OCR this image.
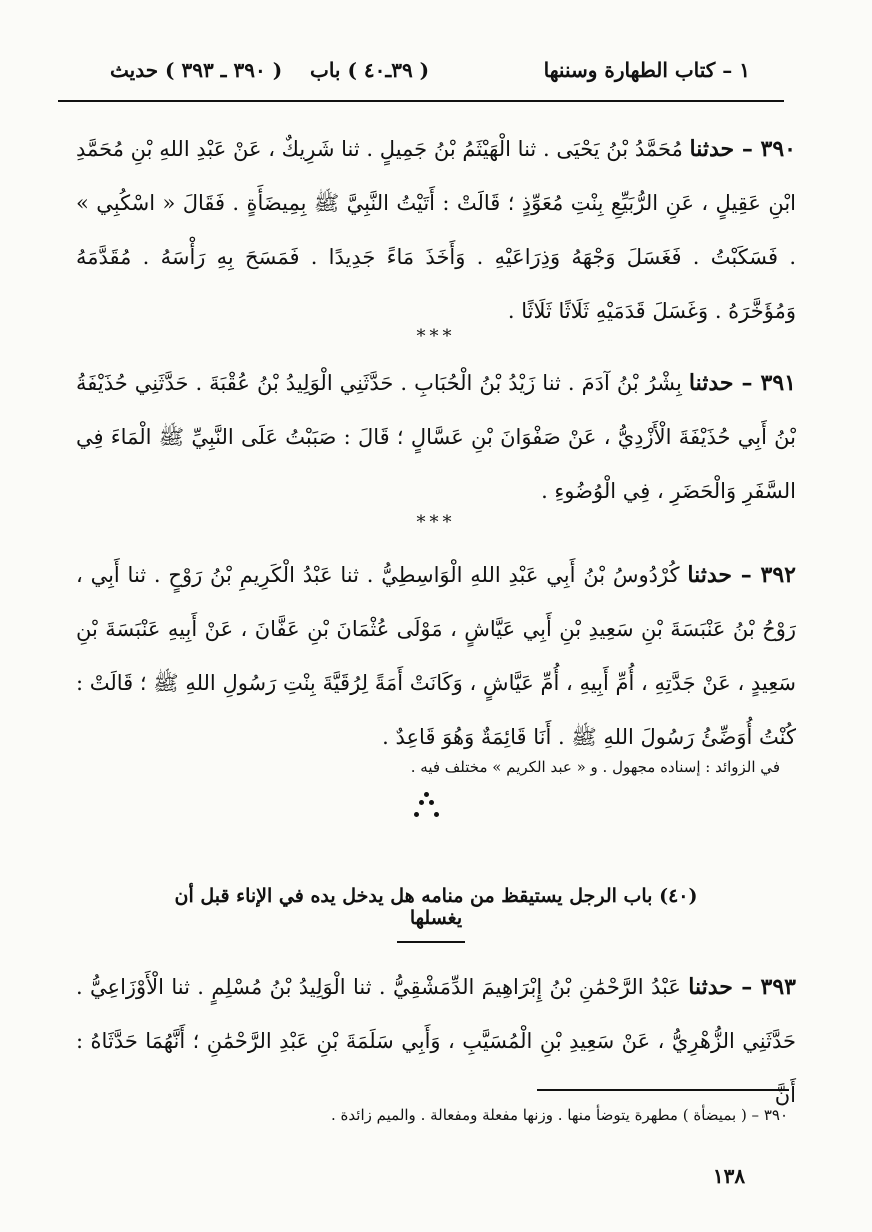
١ – كتاب الطهارة وسننها
( ٣٩ـ٤٠ ) باب
( ٣٩٠ ـ ٣٩٣ ) حديث
٣٩٠ – حدثنا مُحَمَّدُ بْنُ يَحْيَى . ثنا الْهَيْثَمُ بْنُ جَمِيلٍ . ثنا شَرِيكٌ ، عَنْ عَبْدِ اللهِ بْنِ مُحَمَّدِ ابْنِ عَقِيلٍ ، عَنِ الرُّبَيِّعِ بِنْتِ مُعَوِّذٍ ؛ قَالَتْ : أَتَيْتُ النَّبِيَّ ﷺ بِمِيضَأَةٍ . فَقَالَ « اسْكُبِي » . فَسَكَبْتُ . فَغَسَلَ وَجْهَهُ وَذِرَاعَيْهِ . وَأَخَذَ مَاءً جَدِيدًا . فَمَسَحَ بِهِ رَأْسَهُ . مُقَدَّمَهُ وَمُؤَخَّرَهُ . وَغَسَلَ قَدَمَيْهِ ثَلَاثًا ثَلَاثًا .
***
٣٩١ – حدثنا بِشْرُ بْنُ آدَمَ . ثنا زَيْدُ بْنُ الْحُبَابِ . حَدَّثَنِي الْوَلِيدُ بْنُ عُقْبَةَ . حَدَّثَنِي حُذَيْفَةُ بْنُ أَبِي حُذَيْفَةَ الْأَزْدِيُّ ، عَنْ صَفْوَانَ بْنِ عَسَّالٍ ؛ قَالَ : صَبَبْتُ عَلَى النَّبِيِّ ﷺ الْمَاءَ فِي السَّفَرِ وَالْحَضَرِ ، فِي الْوُضُوءِ .
***
٣٩٢ – حدثنا كُرْدُوسُ بْنُ أَبِي عَبْدِ اللهِ الْوَاسِطِيُّ . ثنا عَبْدُ الْكَرِيمِ بْنُ رَوْحٍ . ثنا أَبِي ، رَوْحُ بْنُ عَنْبَسَةَ بْنِ سَعِيدِ بْنِ أَبِي عَيَّاشٍ ، مَوْلَى عُثْمَانَ بْنِ عَفَّانَ ، عَنْ أَبِيهِ عَنْبَسَةَ بْنِ سَعِيدٍ ، عَنْ جَدَّتِهِ ، أُمِّ أَبِيهِ ، أُمِّ عَيَّاشٍ ، وَكَانَتْ أَمَةً لِرُقَيَّةَ بِنْتِ رَسُولِ اللهِ ﷺ ؛ قَالَتْ : كُنْتُ أُوَضِّئُ رَسُولَ اللهِ ﷺ . أَنَا قَائِمَةٌ وَهُوَ قَاعِدٌ .
في الزوائد : إسناده مجهول . و « عبد الكريم » مختلف فيه .
(٤٠) باب الرجل يستيقظ من منامه هل يدخل يده في الإناء قبل أن يغسلها
٣٩٣ – حدثنا عَبْدُ الرَّحْمَٰنِ بْنُ إِبْرَاهِيمَ الدِّمَشْقِيُّ . ثنا الْوَلِيدُ بْنُ مُسْلِمٍ . ثنا الْأَوْزَاعِيُّ . حَدَّثَنِي الزُّهْرِيُّ ، عَنْ سَعِيدِ بْنِ الْمُسَيَّبِ ، وَأَبِي سَلَمَةَ بْنِ عَبْدِ الرَّحْمَٰنِ ؛ أَنَّهُمَا حَدَّثَاهُ : أَنَّ
٣٩٠ – ( بميضأة ) مطهرة يتوضأ منها . وزنها مفعلة ومفعالة . والميم زائدة .
١٣٨
